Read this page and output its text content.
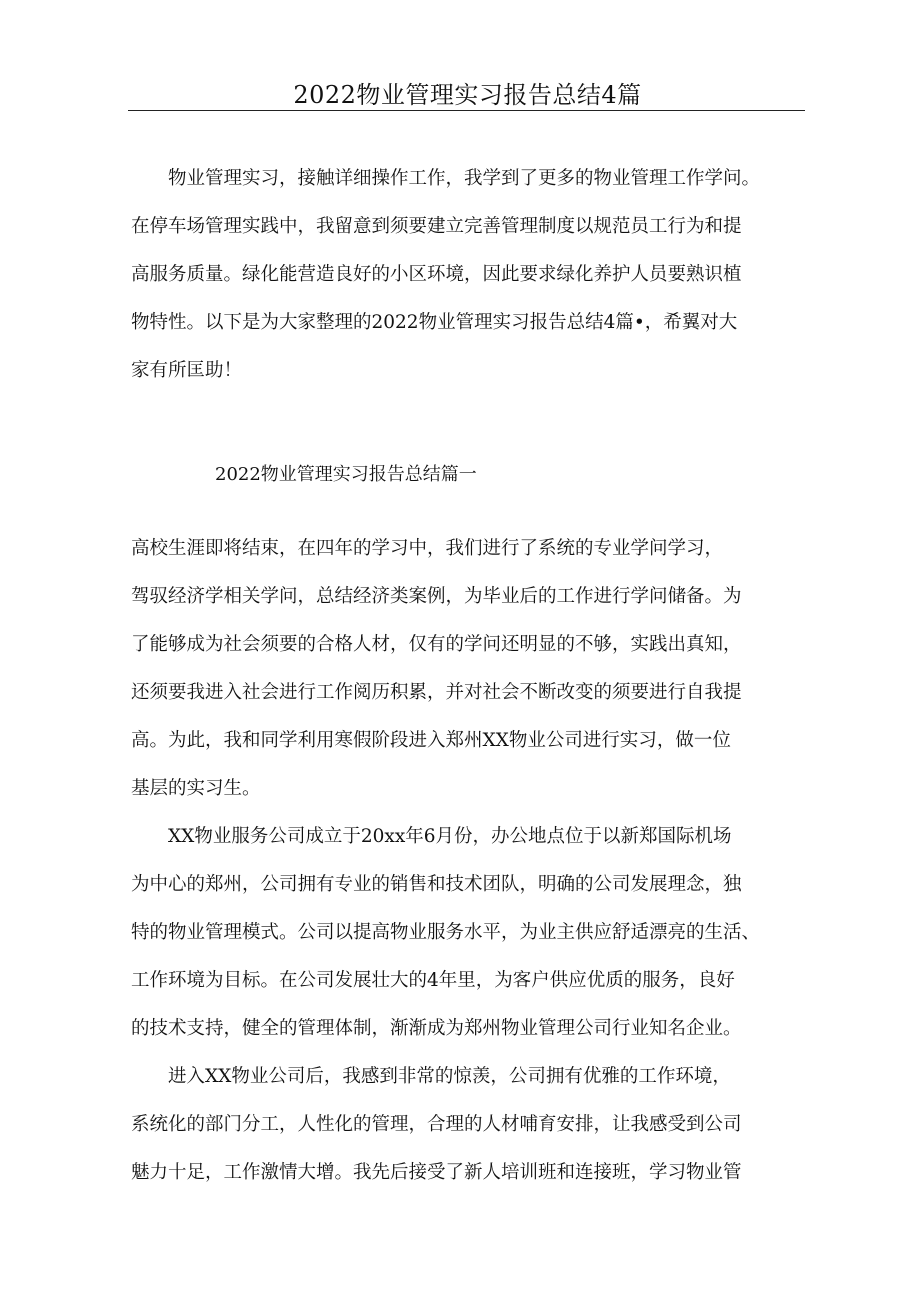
2022物业管理实习报告总结4篇
　　物业管理实习，接触详细操作工作，我学到了更多的物业管理工作学问。
在停车场管理实践中，我留意到须要建立完善管理制度以规范员工行为和提
高服务质量。绿化能营造良好的小区环境，因此要求绿化养护人员要熟识植
物特性。以下是为大家整理的2022物业管理实习报告总结4篇•，希翼对大
家有所匡助！
2022物业管理实习报告总结篇一
高校生涯即将结束，在四年的学习中，我们进行了系统的专业学问学习，
驾驭经济学相关学问，总结经济类案例，为毕业后的工作进行学问储备。为
了能够成为社会须要的合格人材，仅有的学问还明显的不够，实践出真知，
还须要我进入社会进行工作阅历积累，并对社会不断改变的须要进行自我提
高。为此，我和同学利用寒假阶段进入郑州XX物业公司进行实习，做一位
基层的实习生。
　　XX物业服务公司成立于20xx年6月份，办公地点位于以新郑国际机场
为中心的郑州，公司拥有专业的销售和技术团队，明确的公司发展理念，独
特的物业管理模式。公司以提高物业服务水平，为业主供应舒适漂亮的生活、
工作环境为目标。在公司发展壮大的4年里，为客户供应优质的服务，良好
的技术支持，健全的管理体制，渐渐成为郑州物业管理公司行业知名企业。
　　进入XX物业公司后，我感到非常的惊羡，公司拥有优雅的工作环境，
系统化的部门分工，人性化的管理，合理的人材哺育安排，让我感受到公司
魅力十足，工作激情大增。我先后接受了新人培训班和连接班，学习物业管
